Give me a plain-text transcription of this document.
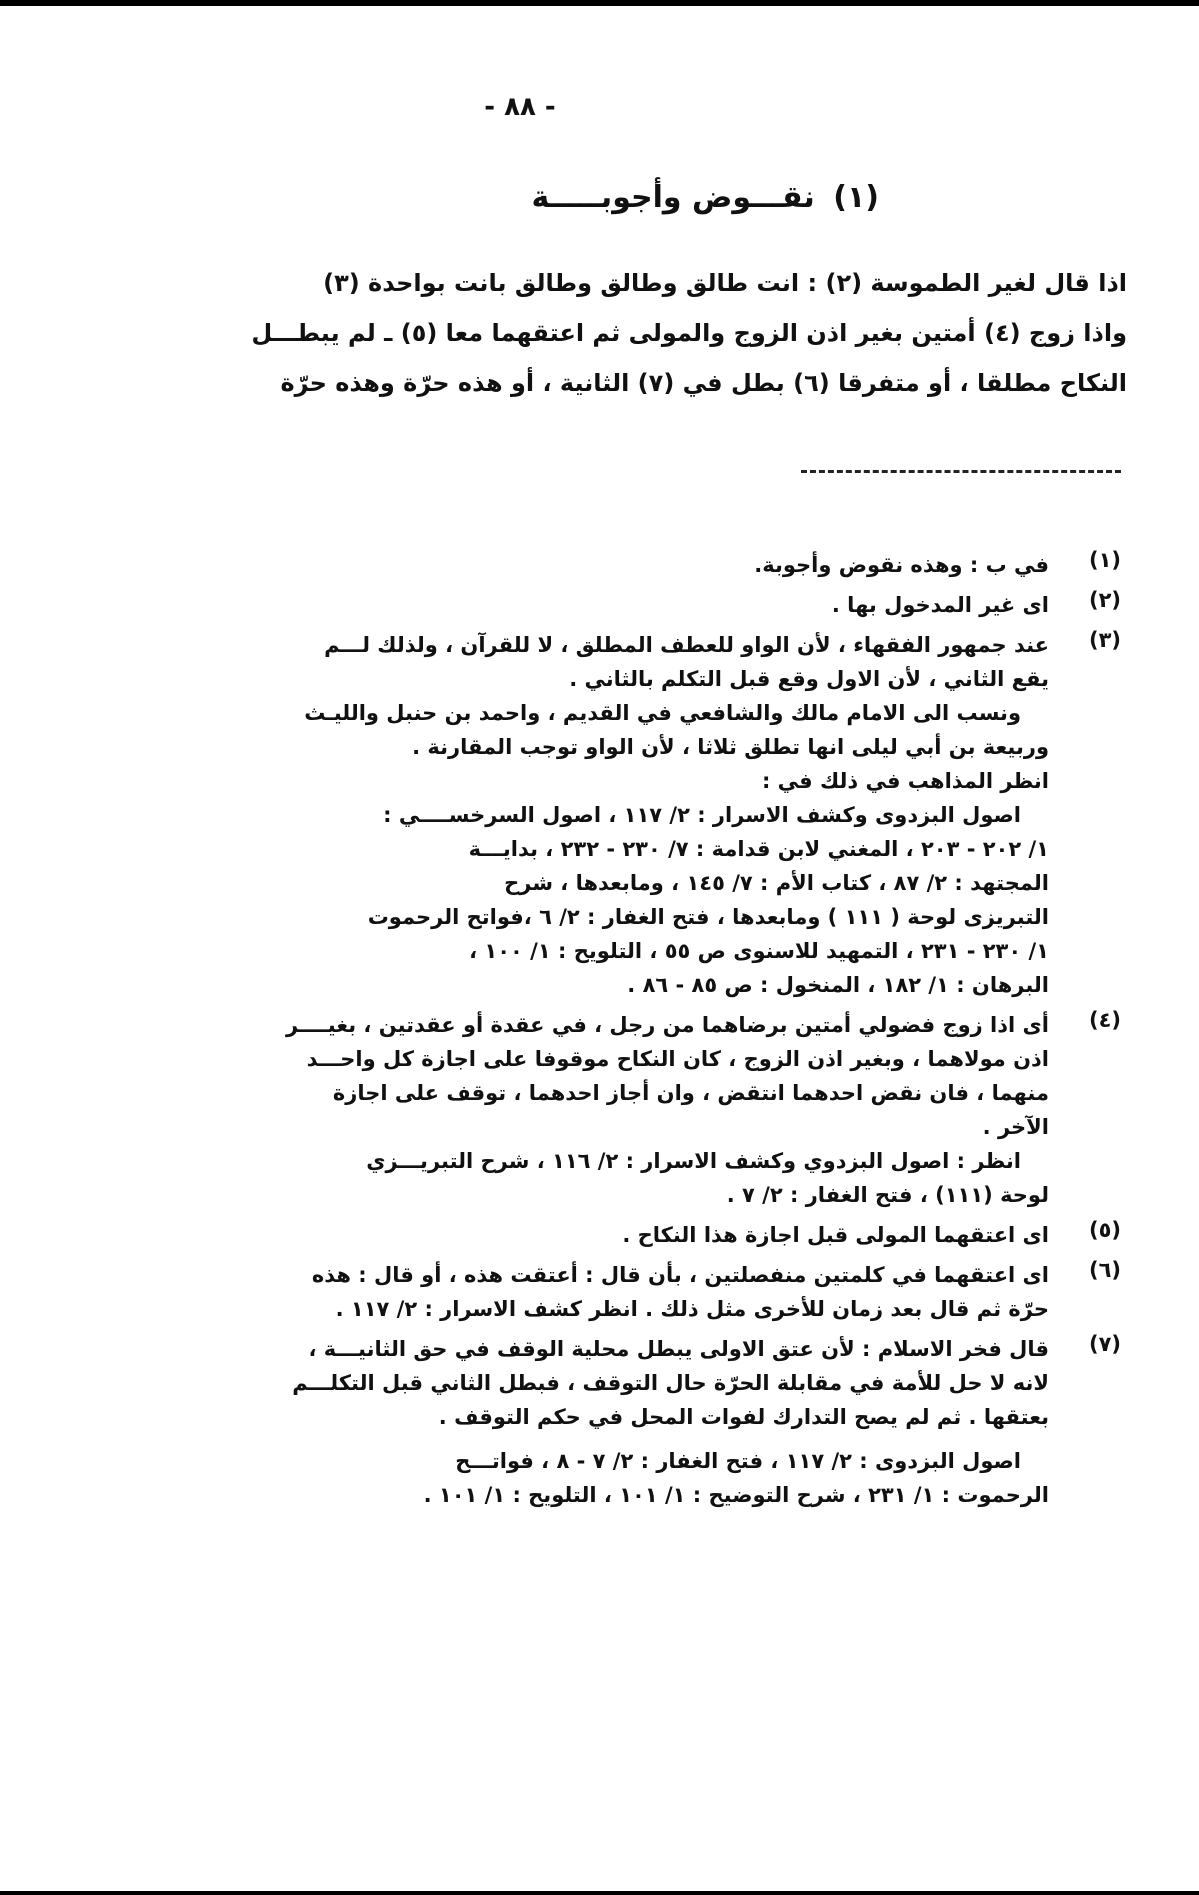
- ٨٨ -
(١) نقـــوض وأجوبـــــة
اذا قال لغير الطموسة (٢) : انت طالق وطالق وطالق بانت بواحدة (٣)
واذا زوج (٤) أمتين بغير اذن الزوج والمولى ثم اعتقهما معا (٥) ـ لم يبطـــل
النكاح مطلقا ، أو متفرقا (٦) بطل في (٧) الثانية ، أو هذه حرّة وهذه حرّة
(١)
في ب : وهذه نقوض وأجوبة.
(٢)
اى غير المدخول بها .
(٣)
عند جمهور الفقهاء ، لأن الواو للعطف المطلق ، لا للقرآن ، ولذلك لـــم
يقع الثاني ، لأن الاول وقع قبل التكلم بالثاني .
ونسب الى الامام مالك والشافعي في القديم ، واحمد بن حنبل والليـث
وربيعة بن أبي ليلى انها تطلق ثلاثا ، لأن الواو توجب المقارنة .
انظر المذاهب في ذلك في :
اصول البزدوى وكشف الاسرار : ٢/ ١١٧ ، اصول السرخســــي :
١/ ٢٠٢ - ٢٠٣ ، المغني لابن قدامة : ٧/ ٢٣٠ - ٢٣٢ ، بدايـــة
المجتهد : ٢/ ٨٧ ، كتاب الأم : ٧/ ١٤٥ ، ومابعدها ، شرح
التبريزى لوحة ( ١١١ ) ومابعدها ، فتح الغفار : ٢/ ٦ ،فواتح الرحموت
١/ ٢٣٠ - ٢٣١ ، التمهيد للاسنوى ص ٥٥ ، التلويح : ١/ ١٠٠ ،
البرهان : ١/ ١٨٢ ، المنخول : ص ٨٥ - ٨٦ .
(٤)
أى اذا زوج فضولي أمتين برضاهما من رجل ، في عقدة أو عقدتين ، بغيــــر
اذن مولاهما ، وبغير اذن الزوج ، كان النكاح موقوفا على اجازة كل واحـــد
منهما ، فان نقض احدهما انتقض ، وان أجاز احدهما ، توقف على اجازة
الآخر .
انظر : اصول البزدوي وكشف الاسرار : ٢/ ١١٦ ، شرح التبريـــزي
لوحة (١١١) ، فتح الغفار : ٢/ ٧ .
(٥)
اى اعتقهما المولى قبل اجازة هذا النكاح .
(٦)
اى اعتقهما في كلمتين منفصلتين ، بأن قال : أعتقت هذه ، أو قال : هذه
حرّة ثم قال بعد زمان للأخرى مثل ذلك . انظر كشف الاسرار : ٢/ ١١٧ .
(٧)
قال فخر الاسلام : لأن عتق الاولى يبطل محلية الوقف في حق الثانيـــة ،
لانه لا حل للأمة في مقابلة الحرّة حال التوقف ، فبطل الثاني قبل التكلـــم
بعتقها . ثم لم يصح التدارك لفوات المحل في حكم التوقف .
اصول البزدوى : ٢/ ١١٧ ، فتح الغفار : ٢/ ٧ - ٨ ، فواتـــح
الرحموت : ١/ ٢٣١ ، شرح التوضيح : ١/ ١٠١ ، التلويح : ١/ ١٠١ .
